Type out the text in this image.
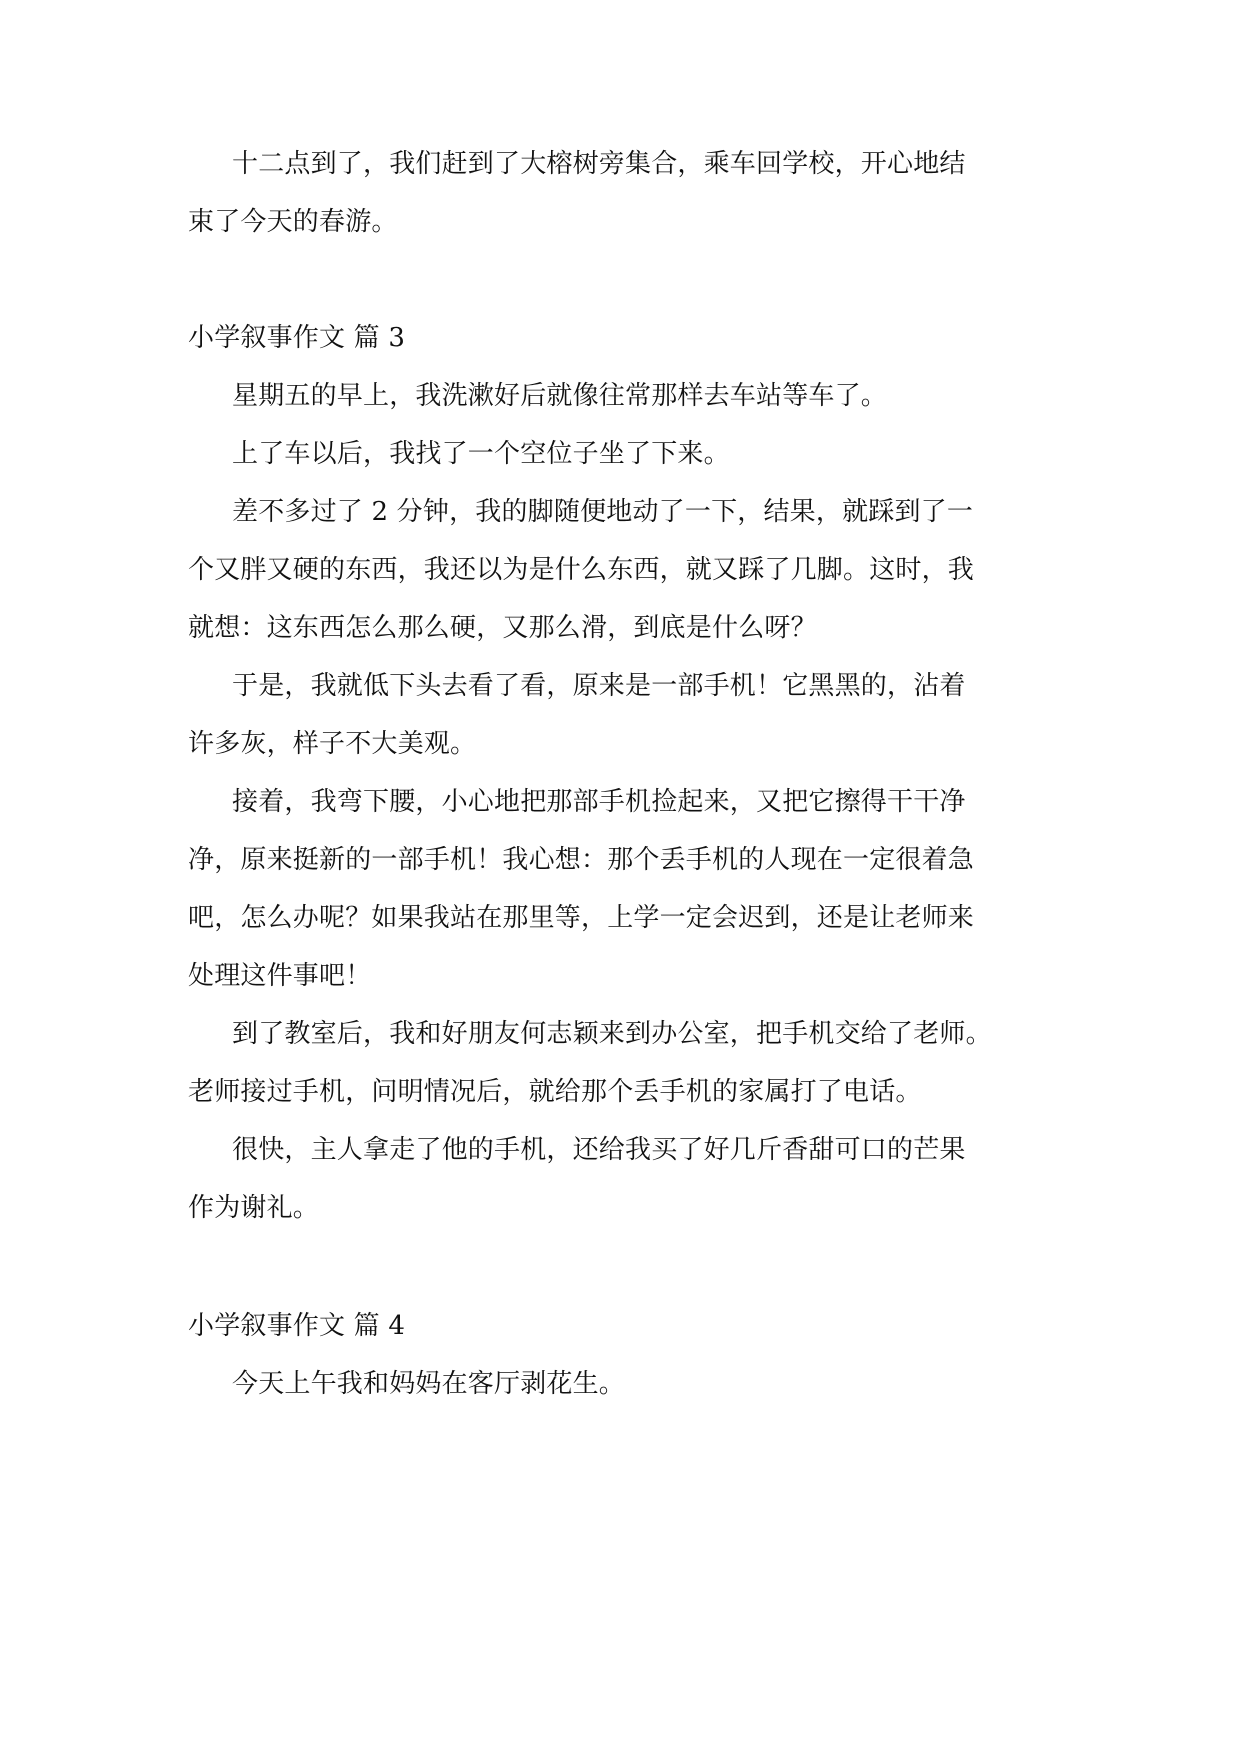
十二点到了，我们赶到了大榕树旁集合，乘车回学校，开心地结
束了今天的春游。
小学叙事作文 篇 3
星期五的早上，我洗漱好后就像往常那样去车站等车了。
上了车以后，我找了一个空位子坐了下来。
差不多过了 2 分钟，我的脚随便地动了一下，结果，就踩到了一
个又胖又硬的东西，我还以为是什么东西，就又踩了几脚。这时，我
就想：这东西怎么那么硬，又那么滑，到底是什么呀？
于是，我就低下头去看了看，原来是一部手机！它黑黑的，沾着
许多灰，样子不大美观。
接着，我弯下腰，小心地把那部手机捡起来，又把它擦得干干净
净，原来挺新的一部手机！我心想：那个丢手机的人现在一定很着急
吧，怎么办呢？如果我站在那里等，上学一定会迟到，还是让老师来
处理这件事吧！
到了教室后，我和好朋友何志颖来到办公室，把手机交给了老师。
老师接过手机，问明情况后，就给那个丢手机的家属打了电话。
很快，主人拿走了他的手机，还给我买了好几斤香甜可口的芒果
作为谢礼。
小学叙事作文 篇 4
今天上午我和妈妈在客厅剥花生。
